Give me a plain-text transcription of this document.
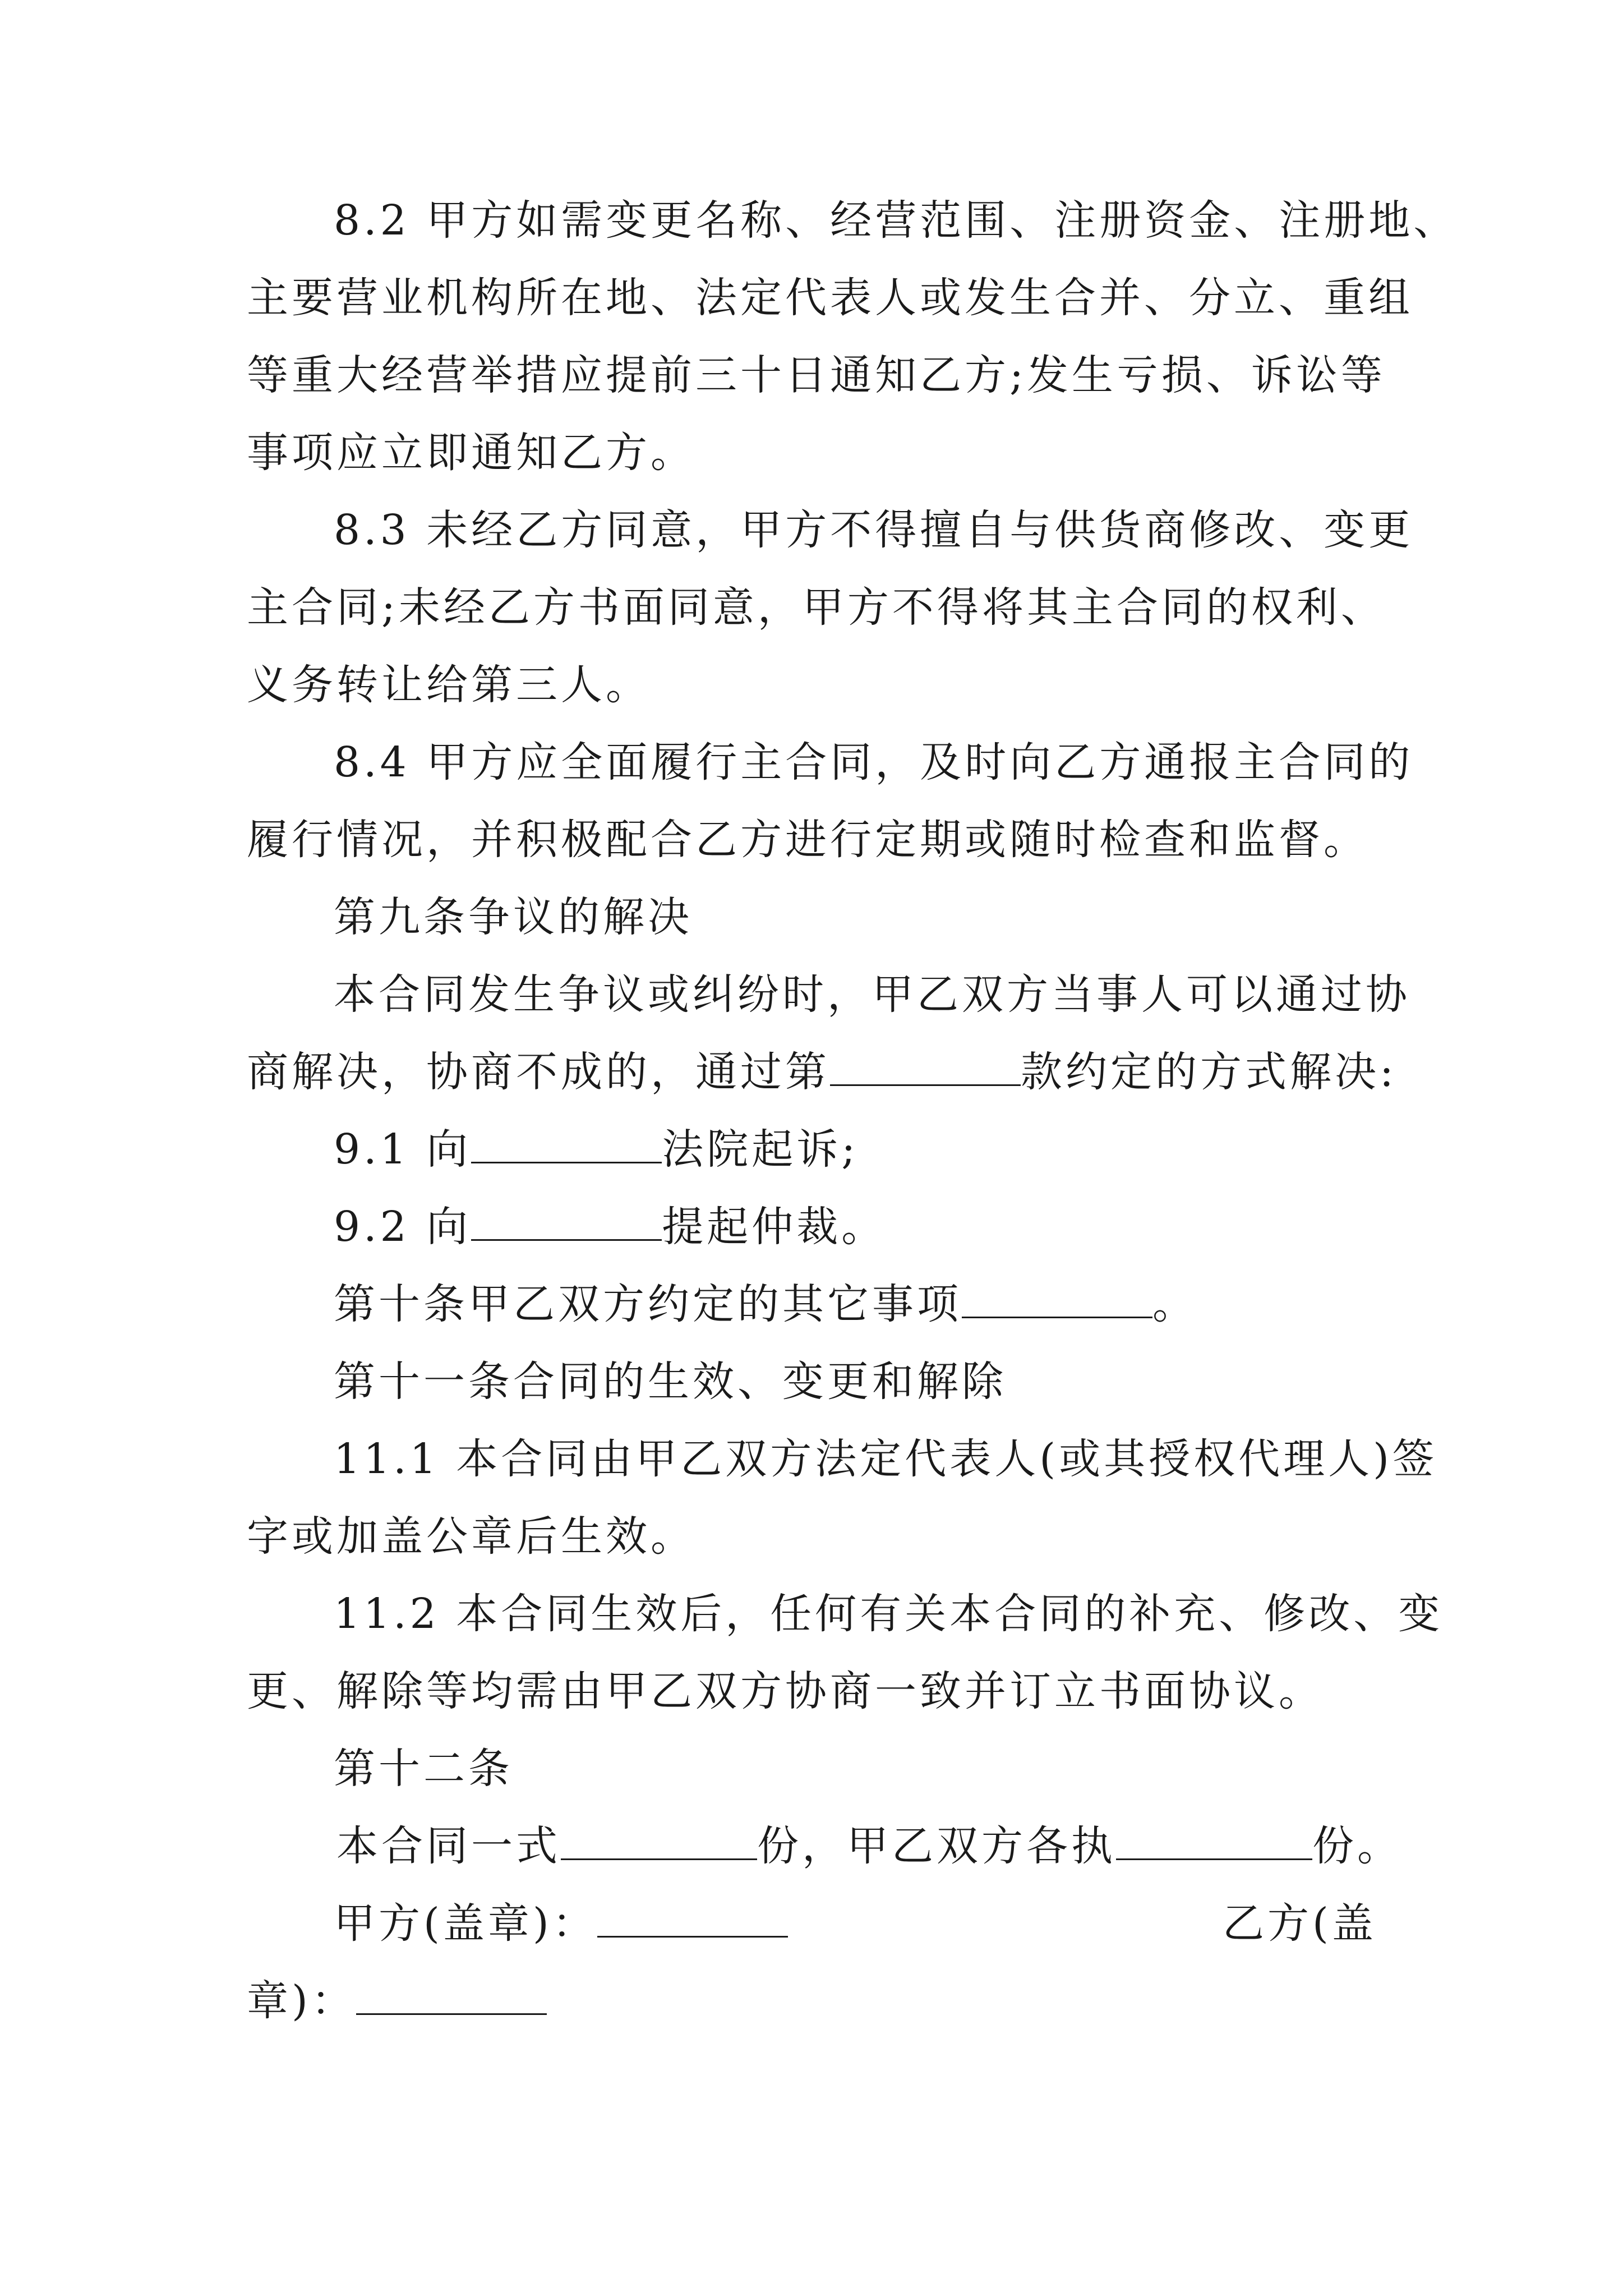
8.2 甲方如需变更名称、经营范围、注册资金、注册地、
主要营业机构所在地、法定代表人或发生合并、分立、重组
等重大经营举措应提前三十日通知乙方;发生亏损、诉讼等
事项应立即通知乙方。
8.3 未经乙方同意，甲方不得擅自与供货商修改、变更
主合同;未经乙方书面同意，甲方不得将其主合同的权利、
义务转让给第三人。
8.4 甲方应全面履行主合同，及时向乙方通报主合同的
履行情况，并积极配合乙方进行定期或随时检查和监督。
第九条争议的解决
本合同发生争议或纠纷时，甲乙双方当事人可以通过协
商解决，协商不成的，通过第	款约定的方式解决:
9.1 向	法院起诉;
9.2 向	提起仲裁。
第十条甲乙双方约定的其它事项	。
第十一条合同的生效、变更和解除
11.1 本合同由甲乙双方法定代表人(或其授权代理人)签
字或加盖公章后生效。
11.2 本合同生效后，任何有关本合同的补充、修改、变
更、解除等均需由甲乙双方协商一致并订立书面协议。
第十二条
本合同一式	份，甲乙双方各执	份。
甲方(盖章)：	乙方(盖
章)：
